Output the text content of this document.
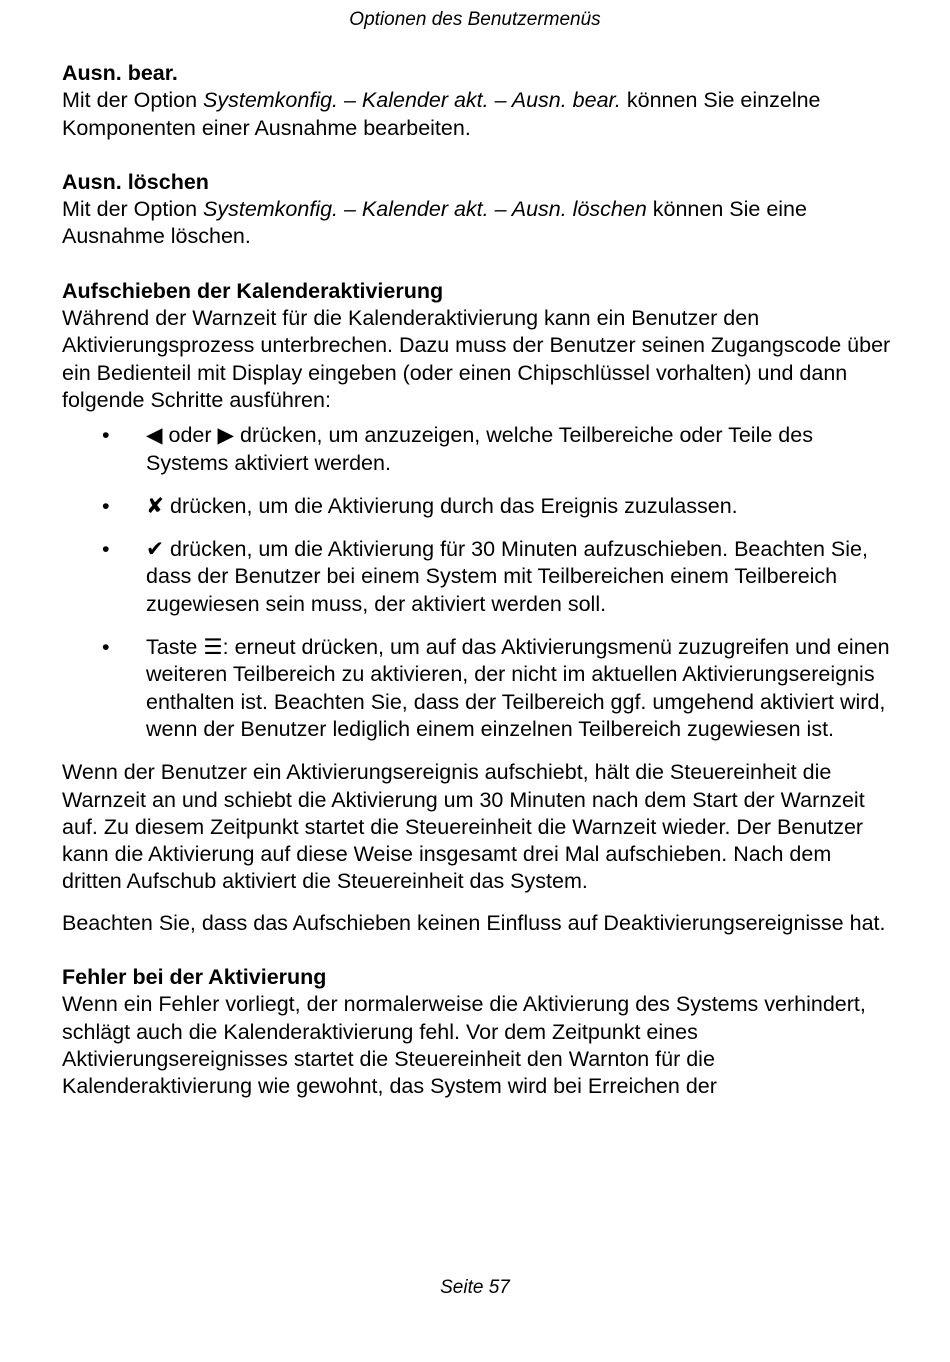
Optionen des Benutzermenüs

Ausn. bear.

Mit der Option Systemkonfig. – Kalender akt. – Ausn. bear. können Sie einzelne Komponenten einer Ausnahme bearbeiten.

Ausn. löschen

Mit der Option Systemkonfig. – Kalender akt. – Ausn. löschen können Sie eine Ausnahme löschen.

Aufschieben der Kalenderaktivierung

Während der Warnzeit für die Kalenderaktivierung kann ein Benutzer den Aktivierungsprozess unterbrechen. Dazu muss der Benutzer seinen Zugangscode über ein Bedienteil mit Display eingeben (oder einen Chipschlüssel vorhalten) und dann folgende Schritte ausführen:

• ◀ oder ▶ drücken, um anzuzeigen, welche Teilbereiche oder Teile des Systems aktiviert werden.
• ✘ drücken, um die Aktivierung durch das Ereignis zuzulassen.
• ✔ drücken, um die Aktivierung für 30 Minuten aufzuschieben. Beachten Sie, dass der Benutzer bei einem System mit Teilbereichen einem Teilbereich zugewiesen sein muss, der aktiviert werden soll.
• Taste ☰: erneut drücken, um auf das Aktivierungsmenü zuzugreifen und einen weiteren Teilbereich zu aktivieren, der nicht im aktuellen Aktivierungsereignis enthalten ist. Beachten Sie, dass der Teilbereich ggf. umgehend aktiviert wird, wenn der Benutzer lediglich einem einzelnen Teilbereich zugewiesen ist.

Wenn der Benutzer ein Aktivierungsereignis aufschiebt, hält die Steuereinheit die Warnzeit an und schiebt die Aktivierung um 30 Minuten nach dem Start der Warnzeit auf. Zu diesem Zeitpunkt startet die Steuereinheit die Warnzeit wieder. Der Benutzer kann die Aktivierung auf diese Weise insgesamt drei Mal aufschieben. Nach dem dritten Aufschub aktiviert die Steuereinheit das System.

Beachten Sie, dass das Aufschieben keinen Einfluss auf Deaktivierungsereignisse hat.

Fehler bei der Aktivierung

Wenn ein Fehler vorliegt, der normalerweise die Aktivierung des Systems verhindert, schlägt auch die Kalenderaktivierung fehl. Vor dem Zeitpunkt eines Aktivierungsereignisses startet die Steuereinheit den Warnton für die Kalenderaktivierung wie gewohnt, das System wird bei Erreichen der

Seite 57
